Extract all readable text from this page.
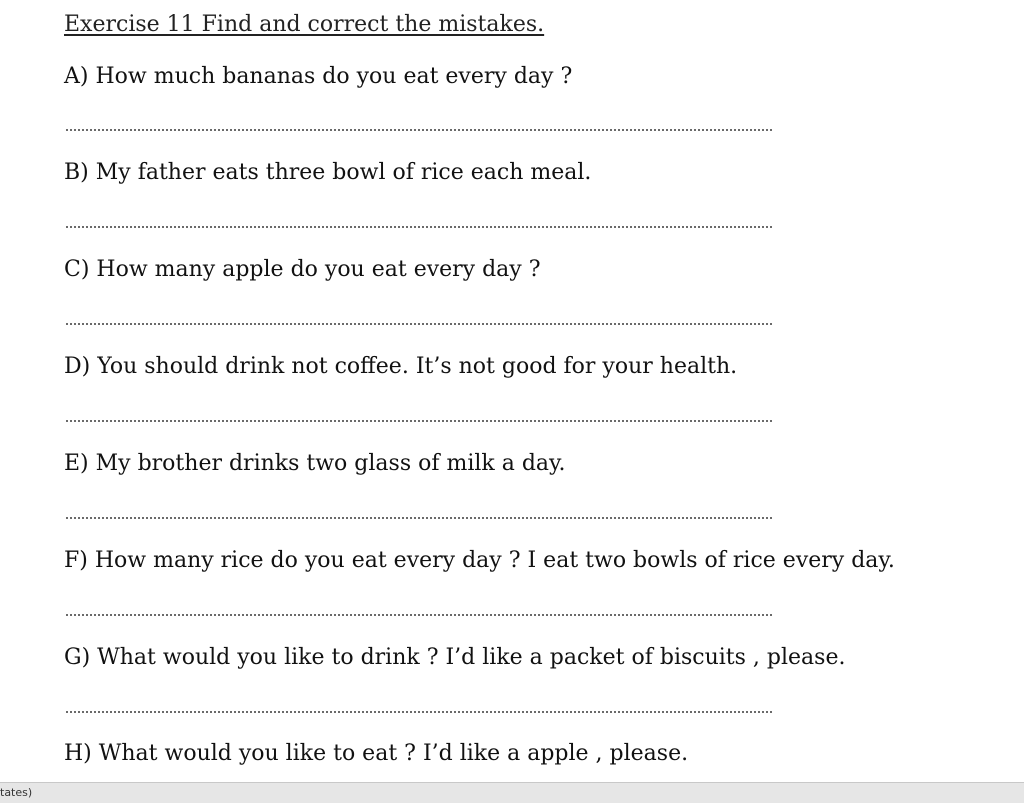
Exercise 11 Find and correct the mistakes.
A) How much bananas do you eat every day ?
B) My father eats three bowl of rice each meal.
C) How many apple do you eat every day ?
D) You should drink not coffee. It’s not good for your health.
E) My brother drinks two glass of milk a day.
F) How many rice do you eat every day ? I eat two bowls of rice every day.
G) What would you like to drink ? I’d like a packet of biscuits , please.
H) What would you like to eat ? I’d like a apple , please.
tates)
